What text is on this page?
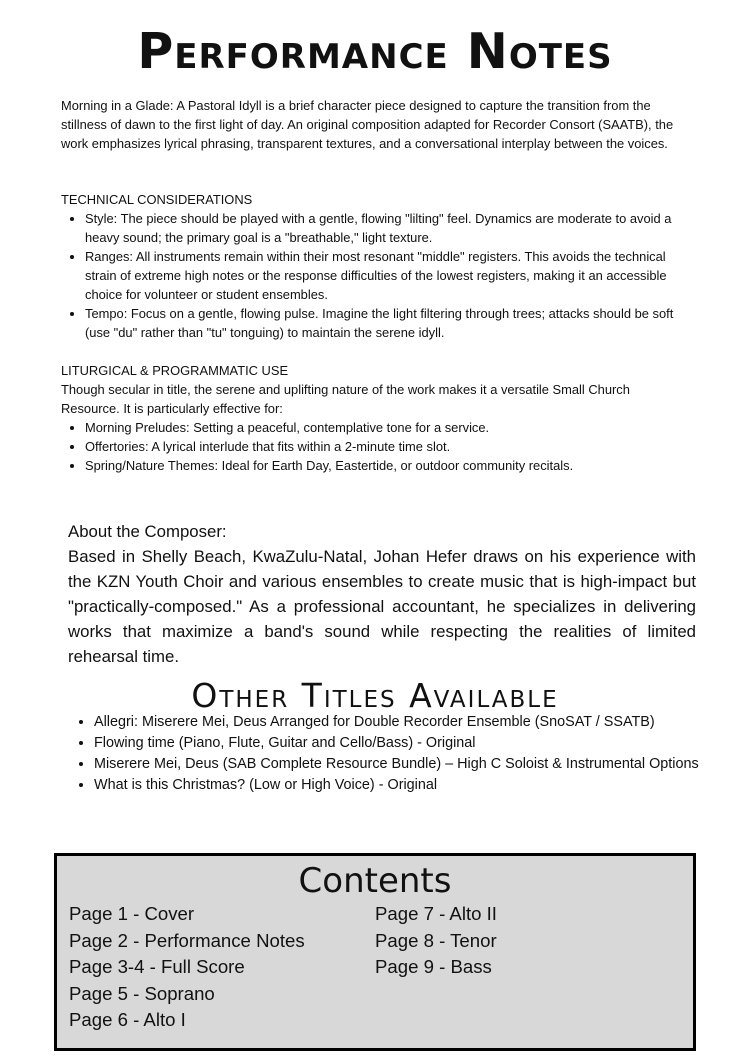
Performance Notes

Morning in a Glade: A Pastoral Idyll is a brief character piece designed to capture the transition from the stillness of dawn to the first light of day. An original composition adapted for Recorder Consort (SAATB), the work emphasizes lyrical phrasing, transparent textures, and a conversational interplay between the voices.

TECHNICAL CONSIDERATIONS

• Style: The piece should be played with a gentle, flowing "lilting" feel. Dynamics are moderate to avoid a heavy sound; the primary goal is a "breathable," light texture.
• Ranges: All instruments remain within their most resonant "middle" registers. This avoids the technical strain of extreme high notes or the response difficulties of the lowest registers, making it an accessible choice for volunteer or student ensembles.
• Tempo: Focus on a gentle, flowing pulse. Imagine the light filtering through trees; attacks should be soft (use "du" rather than "tu" tonguing) to maintain the serene idyll.

LITURGICAL & PROGRAMMATIC USE

Though secular in title, the serene and uplifting nature of the work makes it a versatile Small Church Resource. It is particularly effective for:

• Morning Preludes: Setting a peaceful, contemplative tone for a service.
• Offertories: A lyrical interlude that fits within a 2-minute time slot.
• Spring/Nature Themes: Ideal for Earth Day, Eastertide, or outdoor community recitals.

About the Composer:

Based in Shelly Beach, KwaZulu-Natal, Johan Hefer draws on his experience with the KZN Youth Choir and various ensembles to create music that is high-impact but "practically-composed." As a professional accountant, he specializes in delivering works that maximize a band's sound while respecting the realities of limited rehearsal time.

Other Titles Available
• Allegri: Miserere Mei, Deus Arranged for Double Recorder Ensemble (SnoSAT / SSATB)
• Flowing time (Piano, Flute, Guitar and Cello/Bass) - Original
• Miserere Mei, Deus (SAB Complete Resource Bundle) – High C Soloist & Instrumental Options
• What is this Christmas? (Low or High Voice) - Original
Contents
Page 1 - Cover
Page 2 - Performance Notes
Page 3-4 - Full Score
Page 5 - Soprano
Page 6 - Alto I
Page 7 - Alto II
Page 8 - Tenor
Page 9 - Bass
